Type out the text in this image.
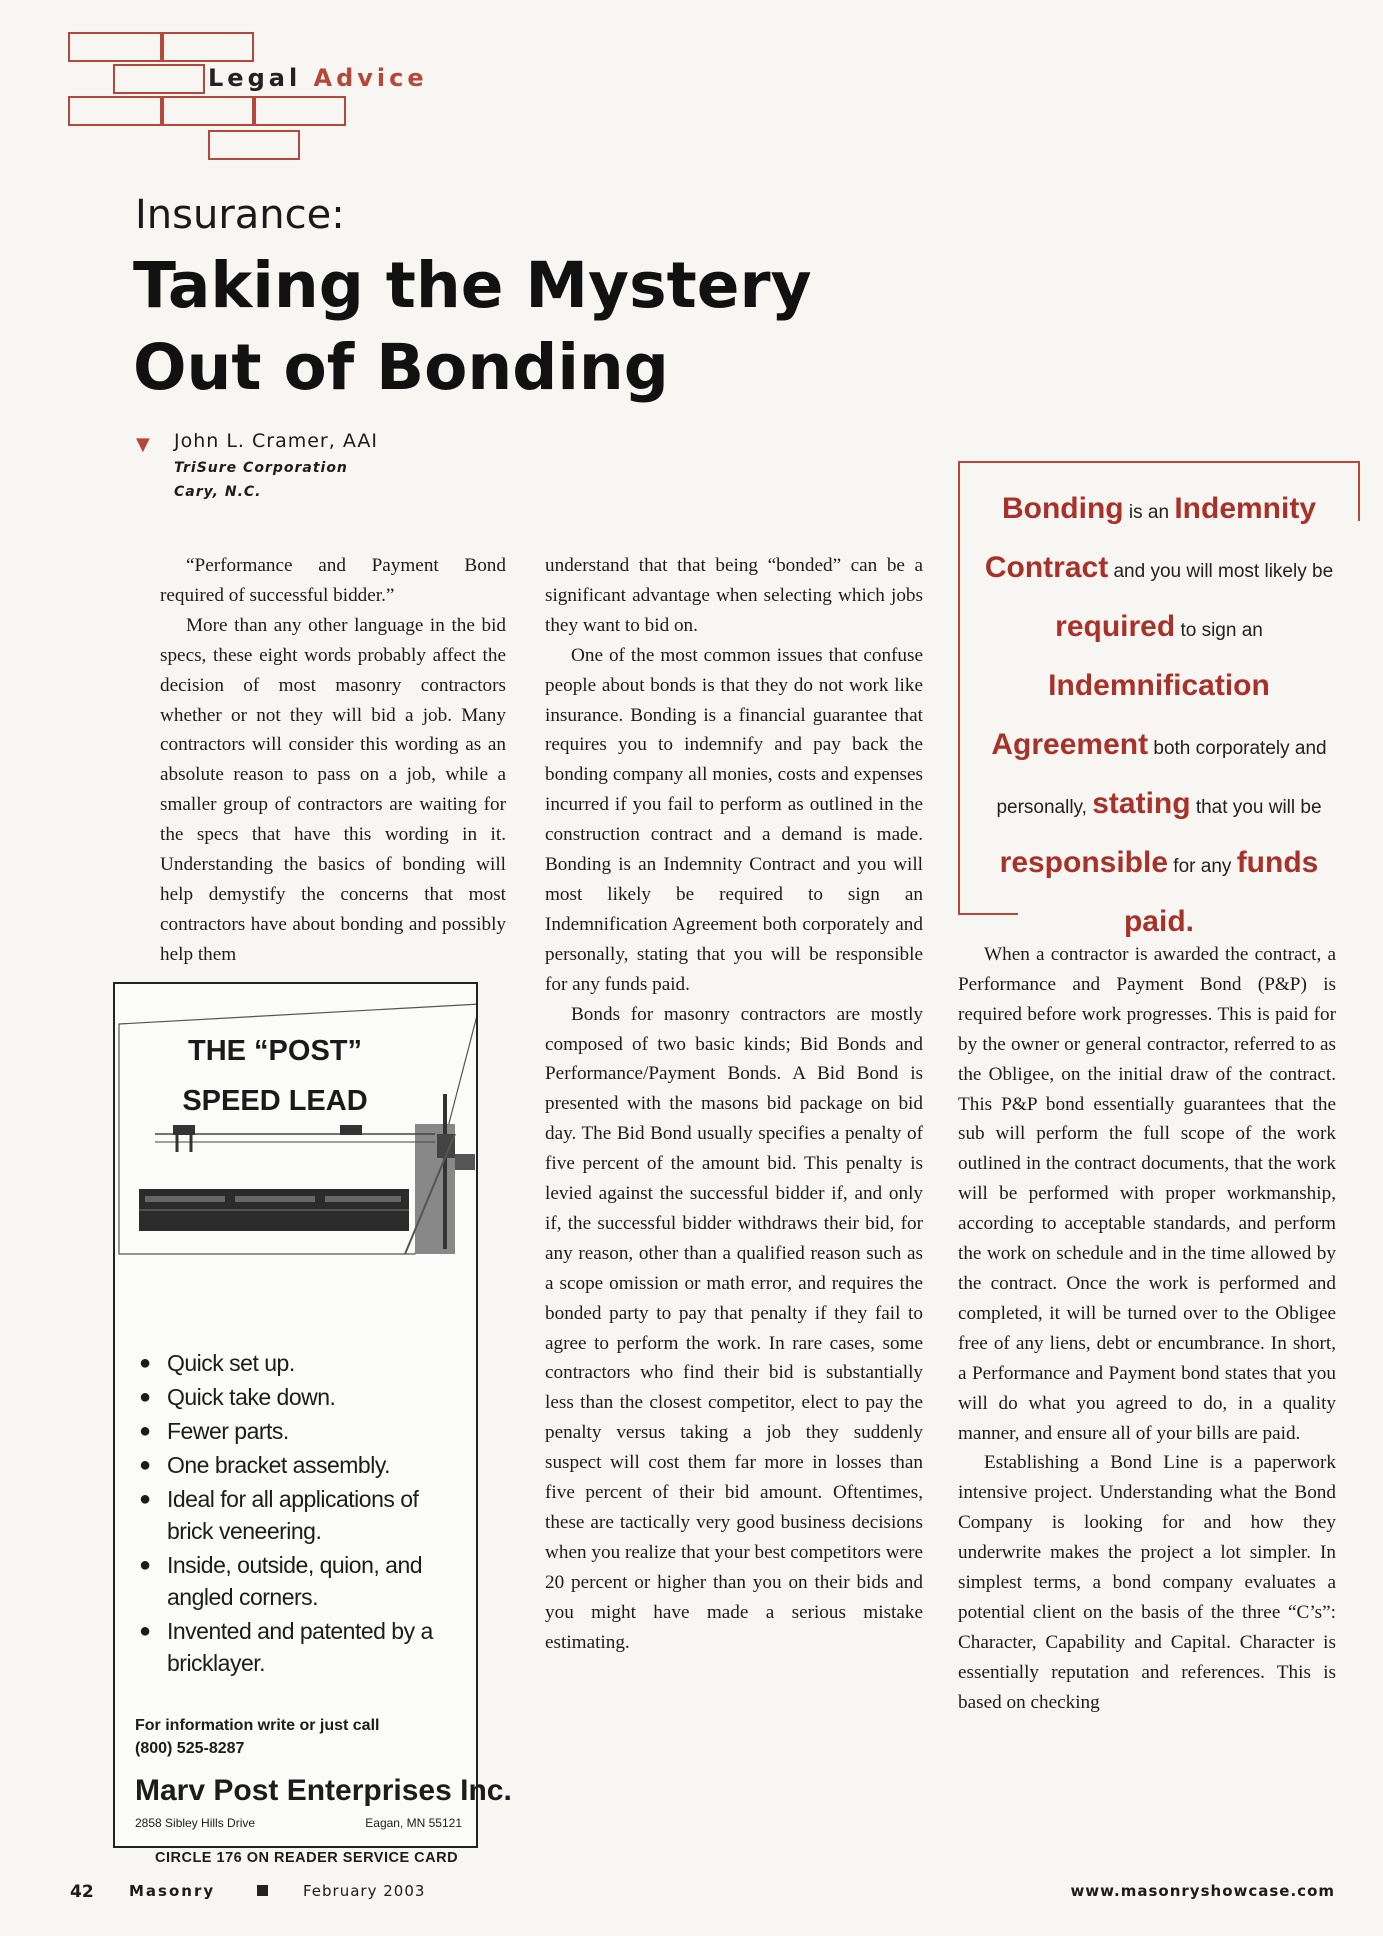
Legal Advice
Insurance:
Taking the Mystery
Out of Bonding
▼ John L. Cramer, AAI
TriSure Corporation
Cary, N.C.

“Performance and Payment Bond required of successful bidder.”

More than any other language in the bid specs, these eight words probably affect the decision of most masonry contractors whether or not they will bid a job. Many contractors will consider this wording as an absolute reason to pass on a job, while a smaller group of contractors are waiting for the specs that have this wording in it. Understanding the basics of bonding will help demystify the concerns that most contractors have about bonding and possibly help them

understand that that being “bonded” can be a significant advantage when selecting which jobs they want to bid on.

One of the most common issues that confuse people about bonds is that they do not work like insurance. Bonding is a financial guarantee that requires you to indemnify and pay back the bonding company all monies, costs and expenses incurred if you fail to perform as outlined in the construction contract and a demand is made. Bonding is an Indemnity Contract and you will most likely be required to sign an Indemnification Agreement both corporately and personally, stating that you will be responsible for any funds paid.

Bonds for masonry contractors are mostly composed of two basic kinds; Bid Bonds and Performance/Payment Bonds. A Bid Bond is presented with the masons bid package on bid day. The Bid Bond usually specifies a penalty of five percent of the amount bid. This penalty is levied against the successful bidder if, and only if, the successful bidder withdraws their bid, for any reason, other than a qualified reason such as a scope omission or math error, and requires the bonded party to pay that penalty if they fail to agree to perform the work. In rare cases, some contractors who find their bid is substantially less than the closest competitor, elect to pay the penalty versus taking a job they suddenly suspect will cost them far more in losses than five percent of their bid amount. Oftentimes, these are tactically very good business decisions when you realize that your best competitors were 20 percent or higher than you on their bids and you might have made a serious mistake estimating.

Bonding is an Indemnity Contract and you will most likely be required to sign an Indemnification Agreement both corporately and personally, stating that you will be responsible for any funds paid.

When a contractor is awarded the contract, a Performance and Payment Bond (P&P) is required before work progresses. This is paid for by the owner or general contractor, referred to as the Obligee, on the initial draw of the contract. This P&P bond essentially guarantees that the sub will perform the full scope of the work outlined in the contract documents, that the work will be performed with proper workmanship, according to acceptable standards, and perform the work on schedule and in the time allowed by the contract. Once the work is performed and completed, it will be turned over to the Obligee free of any liens, debt or encumbrance. In short, a Performance and Payment bond states that you will do what you agreed to do, in a quality manner, and ensure all of your bills are paid.

Establishing a Bond Line is a paperwork intensive project. Understanding what the Bond Company is looking for and how they underwrite makes the project a lot simpler. In simplest terms, a bond company evaluates a potential client on the basis of the three “C’s”: Character, Capability and Capital. Character is essentially reputation and references. This is based on checking

THE “POST”
SPEED LEAD
● Quick set up.
● Quick take down.
● Fewer parts.
● One bracket assembly.
● Ideal for all applications of brick veneering.
● Inside, outside, quion, and angled corners.
● Invented and patented by a bricklayer.
For information write or just call
(800) 525-8287
Marv Post Enterprises Inc.
2858 Sibley Hills Drive	Eagan, MN 55121
CIRCLE 176 ON READER SERVICE CARD
42 Masonry	February 2003	www.masonryshowcase.com
